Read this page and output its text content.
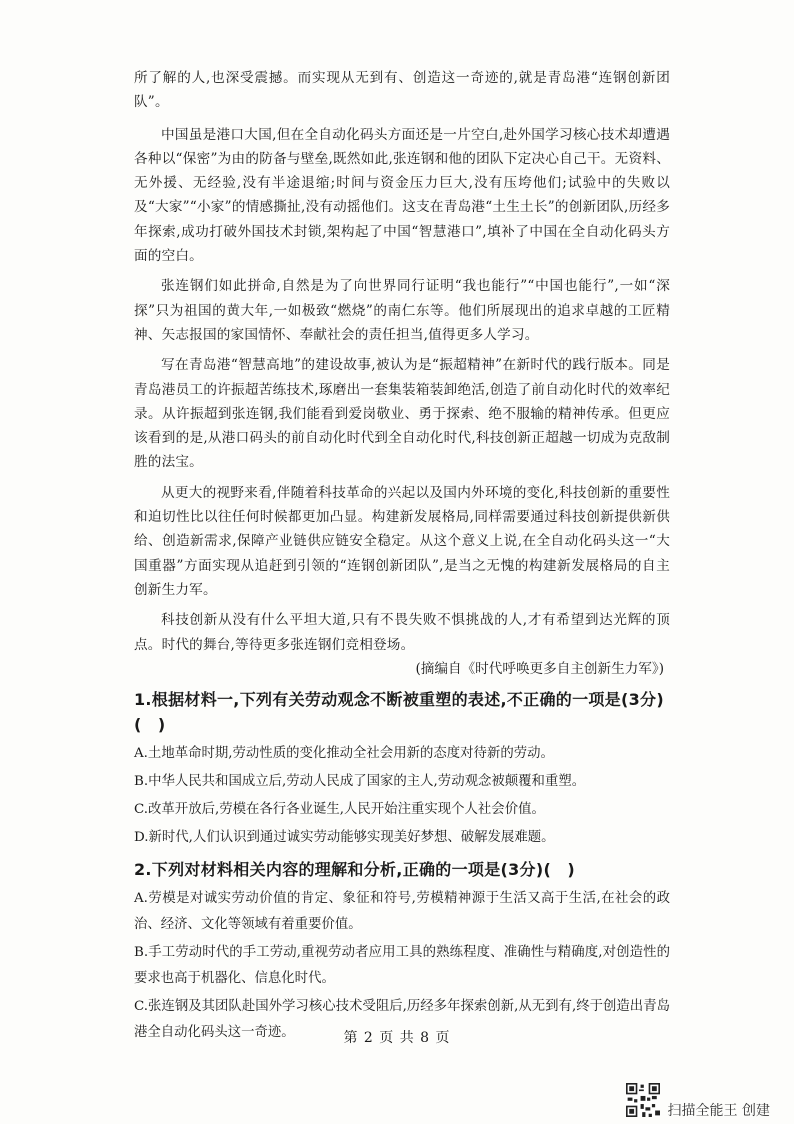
所了解的人,也深受震撼。而实现从无到有、创造这一奇迹的,就是青岛港“连钢创新团队”。

中国虽是港口大国,但在全自动化码头方面还是一片空白,赴外国学习核心技术却遭遇各种以“保密”为由的防备与壁垒,既然如此,张连钢和他的团队下定决心自己干。无资料、无外援、无经验,没有半途退缩;时间与资金压力巨大,没有压垮他们;试验中的失败以及“大家”“小家”的情感撕扯,没有动摇他们。这支在青岛港“土生土长”的创新团队,历经多年探索,成功打破外国技术封锁,架构起了中国“智慧港口”,填补了中国在全自动化码头方面的空白。

张连钢们如此拼命,自然是为了向世界同行证明“我也能行”“中国也能行”,一如“深探”只为祖国的黄大年,一如极致“燃烧”的南仁东等。他们所展现出的追求卓越的工匠精神、矢志报国的家国情怀、奉献社会的责任担当,值得更多人学习。

写在青岛港“智慧高地”的建设故事,被认为是“振超精神”在新时代的践行版本。同是青岛港员工的许振超苦练技术,琢磨出一套集装箱装卸绝活,创造了前自动化时代的效率纪录。从许振超到张连钢,我们能看到爱岗敬业、勇于探索、绝不服输的精神传承。但更应该看到的是,从港口码头的前自动化时代到全自动化时代,科技创新正超越一切成为克敌制胜的法宝。

从更大的视野来看,伴随着科技革命的兴起以及国内外环境的变化,科技创新的重要性和迫切性比以往任何时候都更加凸显。构建新发展格局,同样需要通过科技创新提供新供给、创造新需求,保障产业链供应链安全稳定。从这个意义上说,在全自动化码头这一“大国重器”方面实现从追赶到引领的“连钢创新团队”,是当之无愧的构建新发展格局的自主创新生力军。

科技创新从没有什么平坦大道,只有不畏失败不惧挑战的人,才有希望到达光辉的顶点。时代的舞台,等待更多张连钢们竞相登场。

(摘编自《时代呼唤更多自主创新生力军》)

1.根据材料一,下列有关劳动观念不断被重塑的表述,不正确的一项是(3分)(　)

A.土地革命时期,劳动性质的变化推动全社会用新的态度对待新的劳动。

B.中华人民共和国成立后,劳动人民成了国家的主人,劳动观念被颠覆和重塑。

C.改革开放后,劳模在各行各业诞生,人民开始注重实现个人社会价值。

D.新时代,人们认识到通过诚实劳动能够实现美好梦想、破解发展难题。

2.下列对材料相关内容的理解和分析,正确的一项是(3分)(　)

A.劳模是对诚实劳动价值的肯定、象征和符号,劳模精神源于生活又高于生活,在社会的政治、经济、文化等领域有着重要价值。

B.手工劳动时代的手工劳动,重视劳动者应用工具的熟练程度、准确性与精确度,对创造性的要求也高于机器化、信息化时代。

C.张连钢及其团队赴国外学习核心技术受阻后,历经多年探索创新,从无到有,终于创造出青岛港全自动化码头这一奇迹。	第 2 页 共 8 页
扫描全能王 创建
